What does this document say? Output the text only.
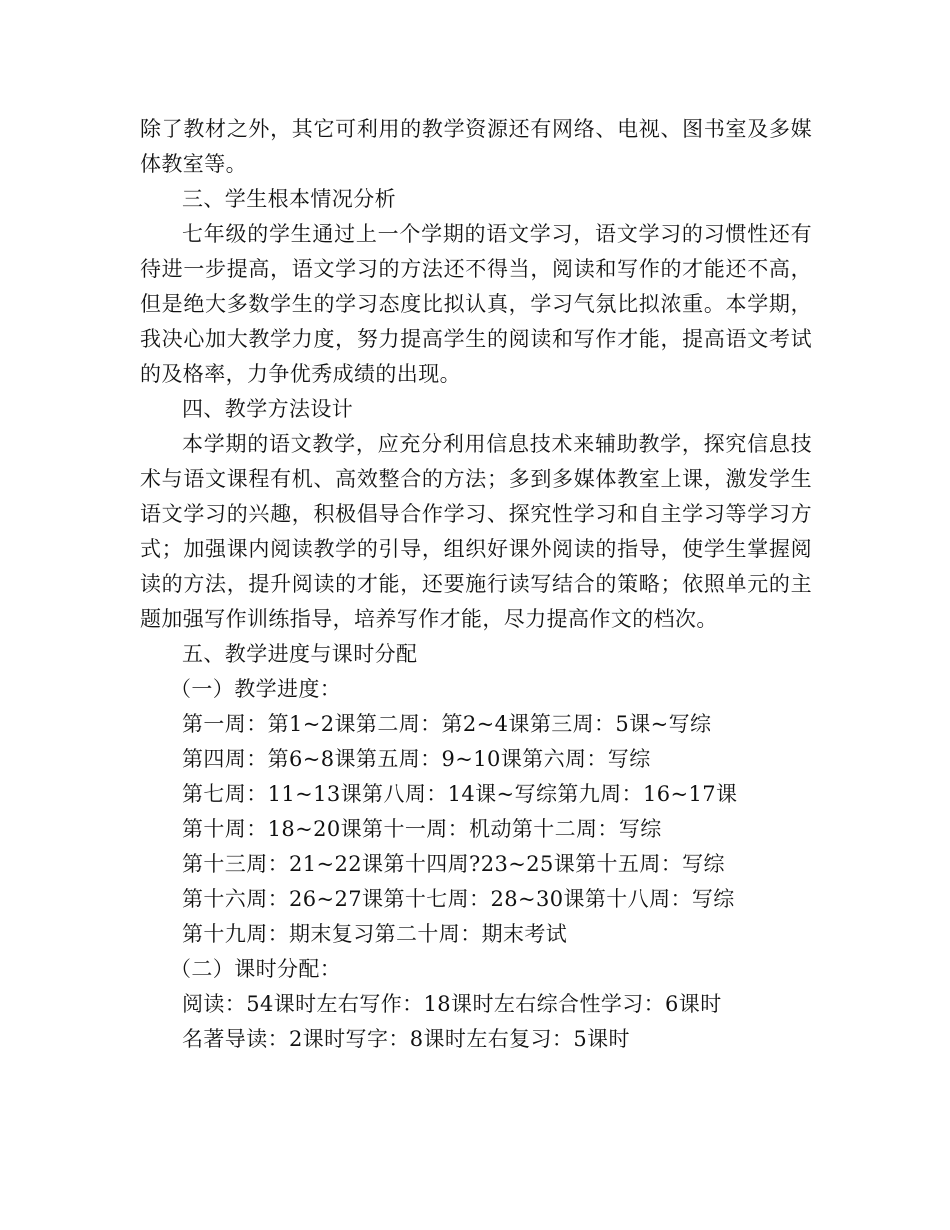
除了教材之外，其它可利用的教学资源还有网络、电视、图书室及多媒体教室等。

三、学生根本情况分析

七年级的学生通过上一个学期的语文学习，语文学习的习惯性还有待进一步提高，语文学习的方法还不得当，阅读和写作的才能还不高，但是绝大多数学生的学习态度比拟认真，学习气氛比拟浓重。本学期，我决心加大教学力度，努力提高学生的阅读和写作才能，提高语文考试的及格率，力争优秀成绩的出现。

四、教学方法设计

本学期的语文教学，应充分利用信息技术来辅助教学，探究信息技术与语文课程有机、高效整合的方法；多到多媒体教室上课，激发学生语文学习的兴趣，积极倡导合作学习、探究性学习和自主学习等学习方式；加强课内阅读教学的引导，组织好课外阅读的指导，使学生掌握阅读的方法，提升阅读的才能，还要施行读写结合的策略；依照单元的主题加强写作训练指导，培养写作才能，尽力提高作文的档次。

五、教学进度与课时分配

（一）教学进度：

第一周：第1~2课第二周：第2~4课第三周：5课~写综

第四周：第6~8课第五周：9~10课第六周：写综

第七周：11~13课第八周：14课~写综第九周：16~17课

第十周：18~20课第十一周：机动第十二周：写综

第十三周：21~22课第十四周?23~25课第十五周：写综

第十六周：26~27课第十七周：28~30课第十八周：写综

第十九周：期末复习第二十周：期末考试

（二）课时分配：

阅读：54课时左右写作：18课时左右综合性学习：6课时

名著导读：2课时写字：8课时左右复习：5课时
